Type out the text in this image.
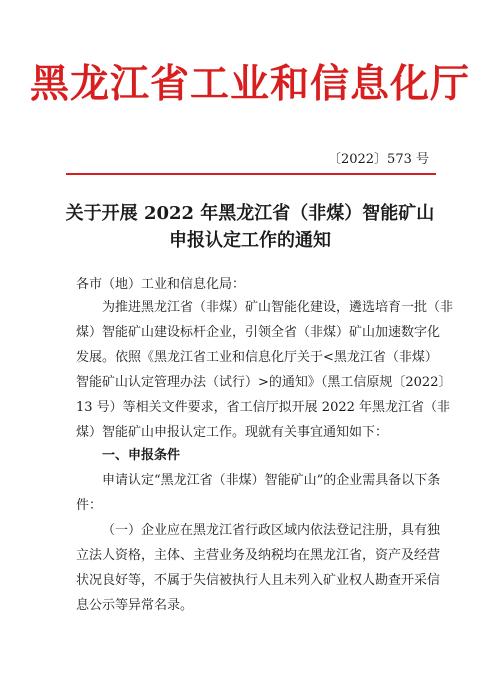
黑龙江省工业和信息化厅
〔2022〕573 号
关于开展 2022 年黑龙江省（非煤）智能矿山
申报认定工作的通知
各市（地）工业和信息化局：
为推进黑龙江省（非煤）矿山智能化建设，遴选培育一批（非
煤）智能矿山建设标杆企业，引领全省（非煤）矿山加速数字化
发展。依照《黑龙江省工业和信息化厅关于<黑龙江省（非煤）
智能矿山认定管理办法（试行）>的通知》（黑工信原规〔2022〕
13 号）等相关文件要求，省工信厅拟开展 2022 年黑龙江省（非
煤）智能矿山申报认定工作。现就有关事宜通知如下：
一、申报条件
申请认定“黑龙江省（非煤）智能矿山”的企业需具备以下条
件：
（一）企业应在黑龙江省行政区域内依法登记注册，具有独
立法人资格，主体、主营业务及纳税均在黑龙江省，资产及经营
状况良好等，不属于失信被执行人且未列入矿业权人勘查开采信
息公示等异常名录。
